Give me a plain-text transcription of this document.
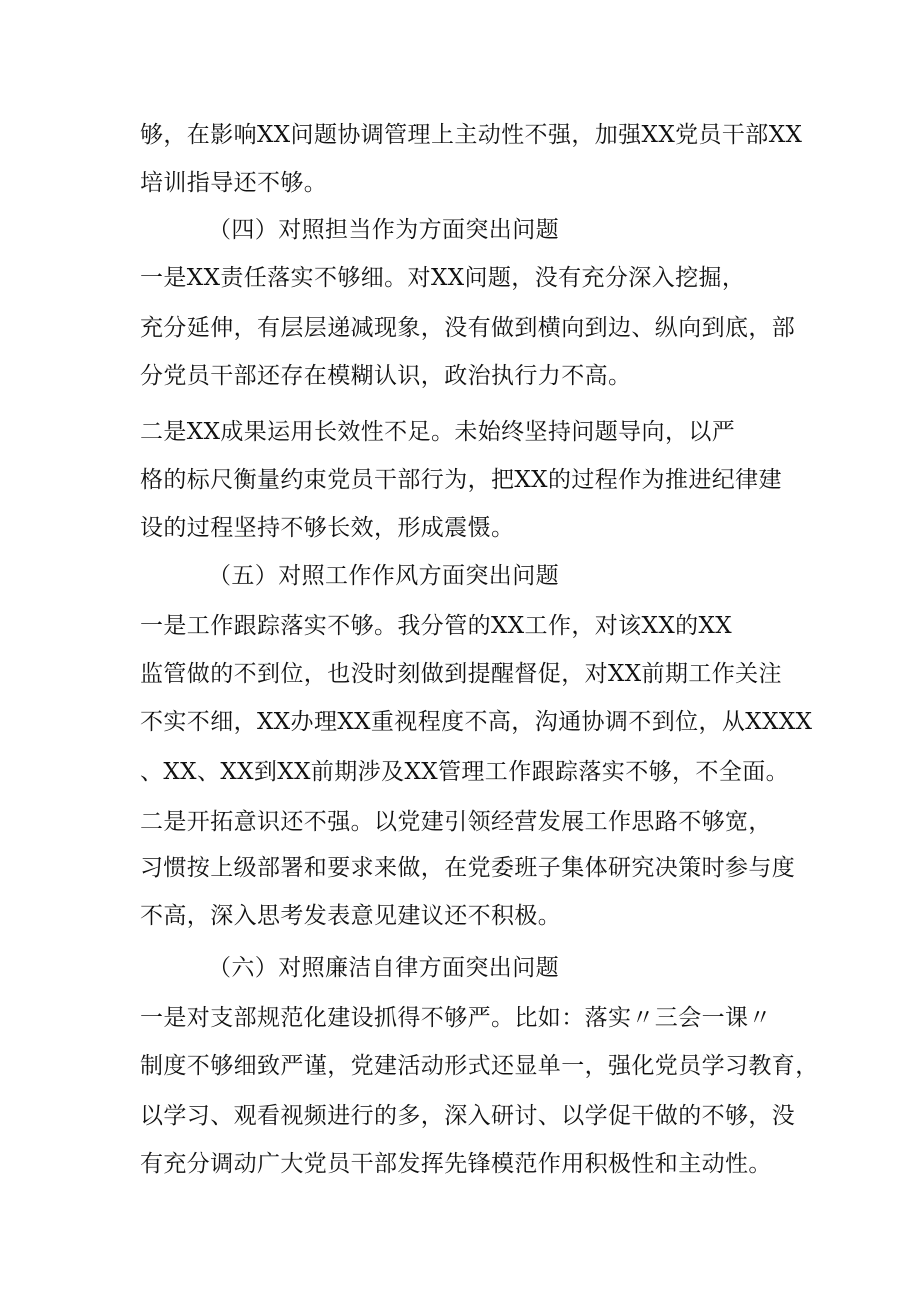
够，在影响XX问题协调管理上主动性不强，加强XX党员干部XX
培训指导还不够。
（四）对照担当作为方面突出问题
一是XX责任落实不够细。对XX问题，没有充分深入挖掘，
充分延伸，有层层递减现象，没有做到横向到边、纵向到底，部
分党员干部还存在模糊认识，政治执行力不高。
二是XX成果运用长效性不足。未始终坚持问题导向，以严
格的标尺衡量约束党员干部行为，把XX的过程作为推进纪律建
设的过程坚持不够长效，形成震慑。
（五）对照工作作风方面突出问题
一是工作跟踪落实不够。我分管的XX工作，对该XX的XX
监管做的不到位，也没时刻做到提醒督促，对XX前期工作关注
不实不细，XX办理XX重视程度不高，沟通协调不到位，从XXXX
、XX、XX到XX前期涉及XX管理工作跟踪落实不够，不全面。
二是开拓意识还不强。以党建引领经营发展工作思路不够宽，
习惯按上级部署和要求来做，在党委班子集体研究决策时参与度
不高，深入思考发表意见建议还不积极。
（六）对照廉洁自律方面突出问题
一是对支部规范化建设抓得不够严。比如：落实〃三会一课〃
制度不够细致严谨，党建活动形式还显单一，强化党员学习教育，
以学习、观看视频进行的多，深入研讨、以学促干做的不够，没
有充分调动广大党员干部发挥先锋模范作用积极性和主动性。
